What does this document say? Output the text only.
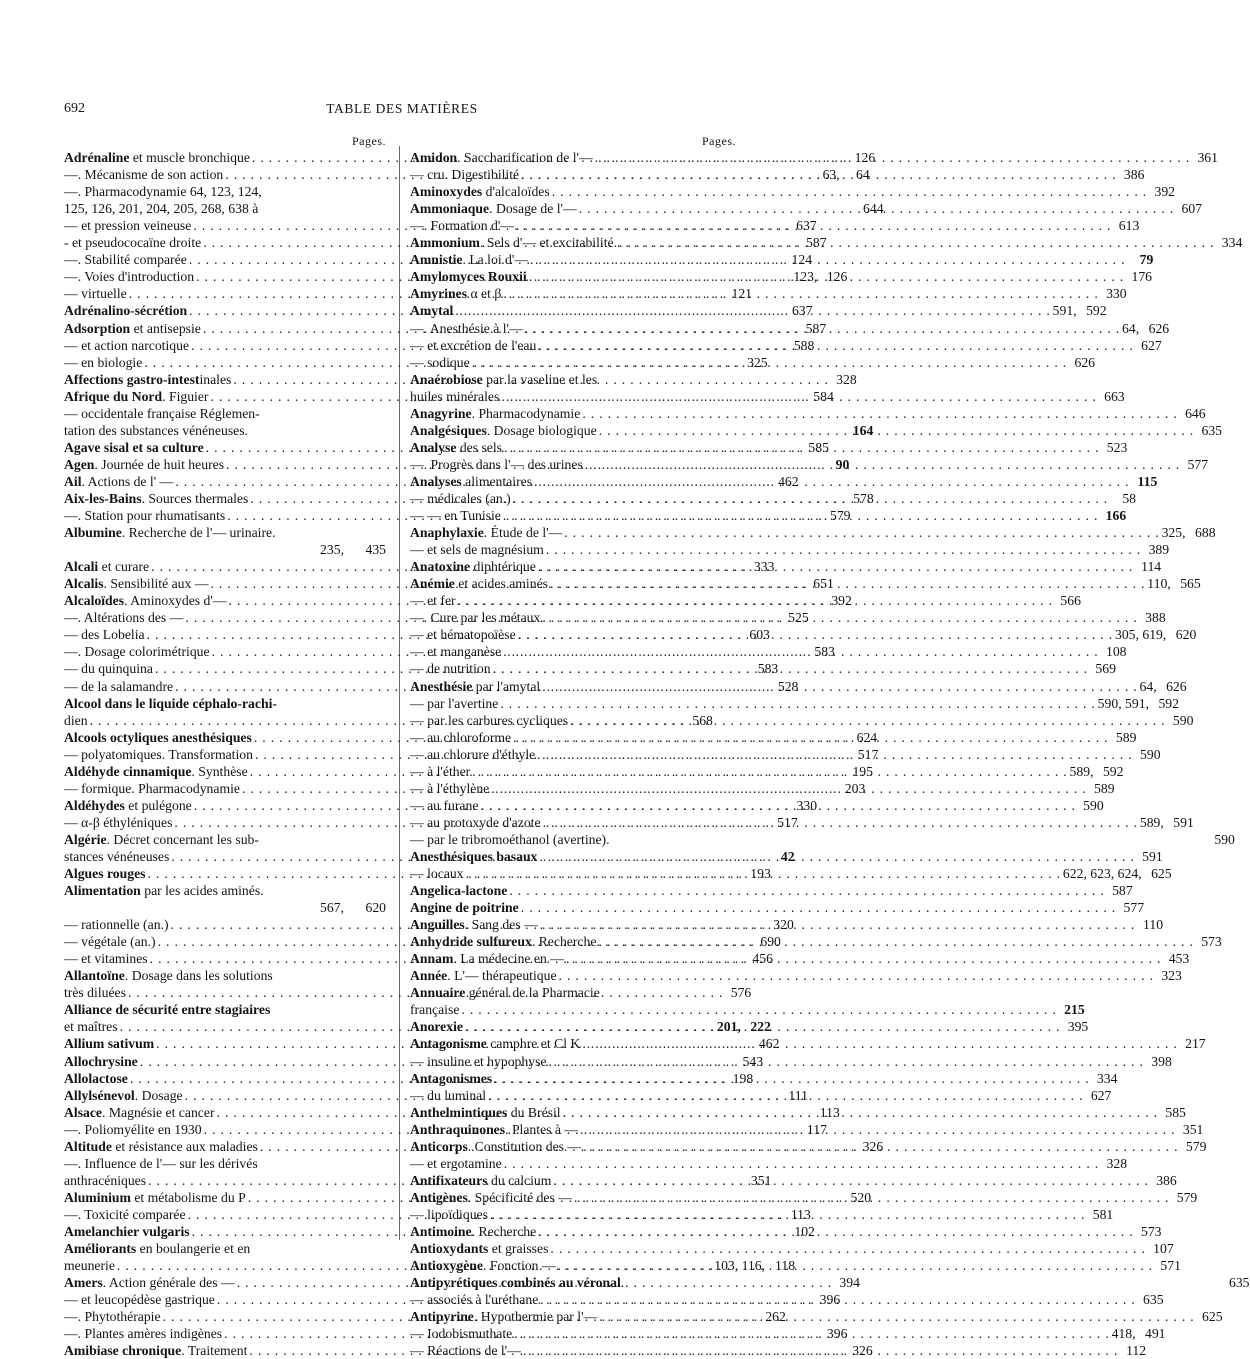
692	TABLE DES MATIÈRES
Pages.
Adrénaline et muscle bronchique . . .	126
—. Mécanisme de son action . . .	63,	64
—. Pharmacodynamie 64, 123, 124,
125, 126, 201, 204, 205, 268, 638 à	644
— et pression veineuse . . .	637
- et pseudococaïne droite . . .	587
—. Stabilité comparée . . .	124
—. Voies d'introduction . . .	123, 126
— virtuelle . . .	121
Adrénalino-sécrétion . . .	637
Adsorption et antisepsie . . .	587
— et action narcotique . . .	588
— en biologie . . .	325
Affections gastro-intestinales . . .	328
Afrique du Nord. Figuier . . .	584
— occidentale française Réglemen-
tation des substances vénéneuses.	164
Agave sisal et sa culture . . .	585
Agen. Journée de huit heures . . .	90
Ail. Actions de l' — . . .	462
Aix-les-Bains. Sources thermales . . .	578
—. Station pour rhumatisants . . .	579
Albumine. Recherche de l'— urinaire.
235,	435
Alcali et curare . . .	333
Alcalis. Sensibilité aux — . . .	651
Alcaloïdes. Aminoxydes d'— . . .	392
—. Altérations des — . . .	525
— des Lobelia . . .	603
—. Dosage colorimétrique . . .	583
— du quinquina . . .	583
— de la salamandre . . .	528
Alcool dans le liquide céphalo-rachi-
dien . . .	568
Alcools octyliques anesthésiques . . .	624
— polyatomiques. Transformation . . .	517
Aldéhyde cinnamique. Synthèse . . .	195
— formique. Pharmacodynamie . . .	203
Aldéhydes et pulégone . . .	330
— α-β éthyléniques . . .	517
Algérie. Décret concernant les sub-
stances vénéneuses . . .	42
Algues rouges . . .	193
Alimentation par les acides aminés.
567,	620
— rationnelle (an.) . . .	320
— végétale (an.) . . .	690
— et vitamines . . .	456
Allantoïne. Dosage dans les solutions
très diluées . . .	576
Alliance de sécurité entre stagiaires
et maîtres . . .	201, 222
Allium sativum . . .	462
Allochrysine . . .	543
Allolactose . . .	198
Allylsénevol. Dosage . . .	111
Alsace. Magnésie et cancer . . .	113
—. Poliomyélite en 1930 . . .	117
Altitude et résistance aux maladies . . .	326
—. Influence de l'— sur les dérivés
anthracéniques . . .	351
Aluminium et métabolisme du P . . .	520
—. Toxicité comparée . . .	113
Amelanchier vulgaris . . .	102
Améliorants en boulangerie et en
meunerie . . .	103, 116, 118
Amers. Action générale des — . . .	394
— et leucopédèse gastrique . . .	396
—. Phytothérapie . . .	262
—. Plantes amères indigènes . . .	396
Amibiase chronique. Traitement . . .	326
Pages.
Amidon. Saccharification de l'— . . .	361
— cru. Digestibilité . . .	386
Aminoxydes d'alcaloïdes . . .	392
Ammoniaque. Dosage de l'— . . .	607
—. Formation d'— . . .	613
Ammonium. Sels d'— et excitabilité. . . .	334
Amnistie. La loi d'— . . .	79
Amylomyces Rouxii . . .	176
Amyrines α et β . . .	330
Amytal . . .	591, 592
—. Anesthésie à l'— . . .	64, 626
— et excrétion de l'eau . . .	627
— sodique . . .	626
Anaérobiose par la vaseline et les
huiles minérales . . .	663
Anagyrine. Pharmacodynamie . . .	646
Analgésiques. Dosage biologique . . .	635
Analyse des sels . . .	523
—. Progrès dans l'— des urines . . .	577
Analyses alimentaires . . .	115
— médicales (an.) . . .	58
— — en Tunisie . . .	166
Anaphylaxie. Étude de l'— . . .	325, 688
— et sels de magnésium . . .	389
Anatoxine diphtérique . . .	114
Anémie et acides aminés . . .	110, 565
— et fer . . .	566
—. Cure par les métaux . . .	388
— et hématopoïèse . . .	305, 619, 620
— et manganèse . . .	108
— de nutrition . . .	569
Anesthésie par l'amytal . . .	64, 626
— par l'avertine . . .	590, 591, 592
— par les carbures cycliques . . .	590
— au chloroforme . . .	589
— au chlorure d'éthyle . . .	590
— à l'éther . . .	589, 592
— à l'éthylène . . .	589
— au furane . . .	590
— au protoxyde d'azote . . .	589, 591
— par le tribromoéthanol (avertine).	590
Anesthésiques basaux . . .	591
— locaux . . .	622, 623, 624, 625
Angelica-lactone . . .	587
Angine de poitrine . . .	577
Anguilles. Sang des — . . .	110
Anhydride sulfureux. Recherche . . .	573
Annam. La médecine en — . . .	453
Année. L'— thérapeutique . . .	323
Annuaire général de la Pharmacie
française . . .	215
Anorexie . . .	395
Antagonisme camphre et Cl K . . .	217
— insuline et hypophyse . . .	398
Antagonismes . . .	334
— du luminal . . .	627
Anthelmintiques du Brésil . . .	585
Anthraquinones. Plantes à — . . .	351
Anticorps. Constitution des — . . .	579
— et ergotamine . . .	328
Antifixateurs du calcium . . .	386
Antigènes. Spécificité des — . . .	579
— lipoïdiques . . .	581
Antimoine. Recherche . . .	573
Antioxydants et graisses . . .	107
Antioxygène. Fonction — . . .	571
Antipyrétiques combinés au véronal.	635
— associés à l'uréthane . . .	635
Antipyrine. Hypothermie par l'— . . .	625
— Iodobismuthate . . .	418, 491
— Réactions de l'— . . .	112
